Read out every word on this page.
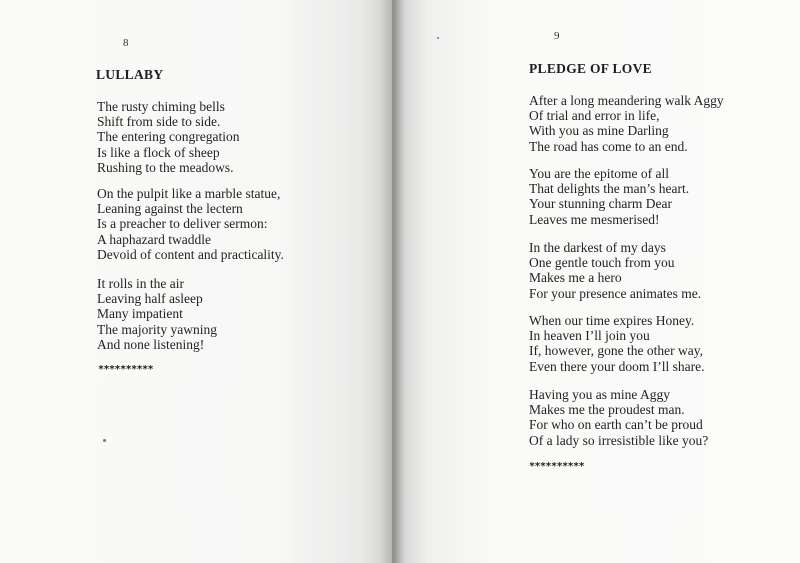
8
LULLABY
The rusty chiming bells
Shift from side to side.
The entering congregation
Is like a flock of sheep
Rushing to the meadows.
On the pulpit like a marble statue,
Leaning against the lectern
Is a preacher to deliver sermon:
A haphazard twaddle
Devoid of content and practicality.
It rolls in the air
Leaving half asleep
Many impatient
The majority yawning
And none listening!
**********
9
PLEDGE OF LOVE
After a long meandering walk Aggy
Of trial and error in life,
With you as mine Darling
The road has come to an end.
You are the epitome of all
That delights the man’s heart.
Your stunning charm Dear
Leaves me mesmerised!
In the darkest of my days
One gentle touch from you
Makes me a hero
For your presence animates me.
When our time expires Honey.
In heaven I’ll join you
If, however, gone the other way,
Even there your doom I’ll share.
Having you as mine Aggy
Makes me the proudest man.
For who on earth can’t be proud
Of a lady so irresistible like you?
**********
